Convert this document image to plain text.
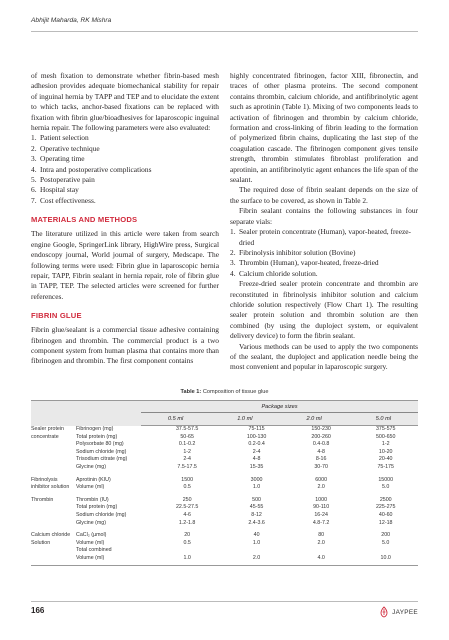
Abhijit Maharda, RK Mishra

of mesh fixation to demonstrate whether fibrin-based mesh adhesion provides adequate biomechanical stability for repair of inguinal hernia by TAPP and TEP and to elucidate the extent to which tacks, anchor-based fixations can be replaced with fixation with fibrin glue/bioadhesives for laparoscopic inguinal hernia repair. The following parameters were also evaluated:

1. Patient selection
2. Operative technique
3. Operating time
4. Intra and postoperative complications
5. Postoperative pain
6. Hospital stay
7. Cost effectiveness.
MATERIALS AND METHODS

The literature utilized in this article were taken from search engine Google, SpringerLink library, HighWire press, Surgical endoscopy journal, World journal of surgery, Medscape. The following terms were used: Fibrin glue in laparoscopic hernia repair, TAPP, Fibrin sealant in hernia repair, role of fibrin glue in TAPP, TEP. The selected articles were screened for further references.

FIBRIN GLUE

Fibrin glue/sealant is a commercial tissue adhesive containing fibrinogen and thrombin. The commercial product is a two component system from human plasma that contains more than fibrinogen and thrombin. The first component contains

highly concentrated fibrinogen, factor XIII, fibronectin, and traces of other plasma proteins. The second component contains thrombin, calcium chloride, and antifibrinolytic agent such as aprotinin (Table 1). Mixing of two components leads to activation of fibrinogen and thrombin by calcium chloride, formation and cross-linking of fibrin leading to the formation of polymerized fibrin chains, duplicating the last step of the coagulation cascade. The fibrinogen component gives tensile strength, thrombin stimulates fibroblast proliferation and aprotinin, an antifibrinolytic agent enhances the life span of the sealant.

The required dose of fibrin sealant depends on the size of the surface to be covered, as shown in Table 2.

Fibrin sealant contains the following substances in four separate vials:

1. Sealer protein concentrate (Human), vapor-heated, freeze-dried
2. Fibrinolysis inhibitor solution (Bovine)
3. Thrombin (Human), vapor-heated, freeze-dried
4. Calcium chloride solution.

Freeze-dried sealer protein concentrate and thrombin are reconstituted in fibrinolysis inhibitor solution and calcium chloride solution respectively (Flow Chart 1). The resulting sealer protein solution and thrombin solution are then combined (by using the duploject system, or equivalent delivery device) to form the fibrin sealant.

Various methods can be used to apply the two components of the sealant, the duploject and application needle being the most convenient and popular in laparoscopic surgery.

Table 1: Composition of tissue glue
Package sizes
0.5 ml	1.0 ml	2.0 ml	5.0 ml
Sealer protein	Fibrinogen (mg)	37.5-57.5	75-115	150-230	375-575
concentrate	Total protein (mg)	50-65	100-130	200-260	500-650
	Polysorbate 80 (mg)	0.1-0.2	0.2-0.4	0.4-0.8	1-2
	Sodium chloride (mg)	1-2	2-4	4-8	10-20
	Trisodium citrate (mg)	2-4	4-8	8-16	20-40
	Glycine (mg)	7.5-17.5	15-35	30-70	75-175

Fibrinolysis	Aprotinin (KIU)	1500	3000	6000	15000
inhibitor solution	Volume (ml)	0.5	1.0	2.0	5.0

Thrombin	Thrombin (IU)	250	500	1000	2500
	Total protein (mg)	22.5-27.5	45-55	90-110	225-275
	Sodium chloride (mg)	4-6	8-12	16-24	40-60
	Glycine (mg)	1.2-1.8	2.4-3.6	4.8-7.2	12-18

Calcium chloride	CaCl₂ (µmol)	20	40	80	200
Solution	Volume (ml)	0.5	1.0	2.0	5.0
	Total combined				
	Volume (ml)	1.0	2.0	4.0	10.0
166	JAYPEE
